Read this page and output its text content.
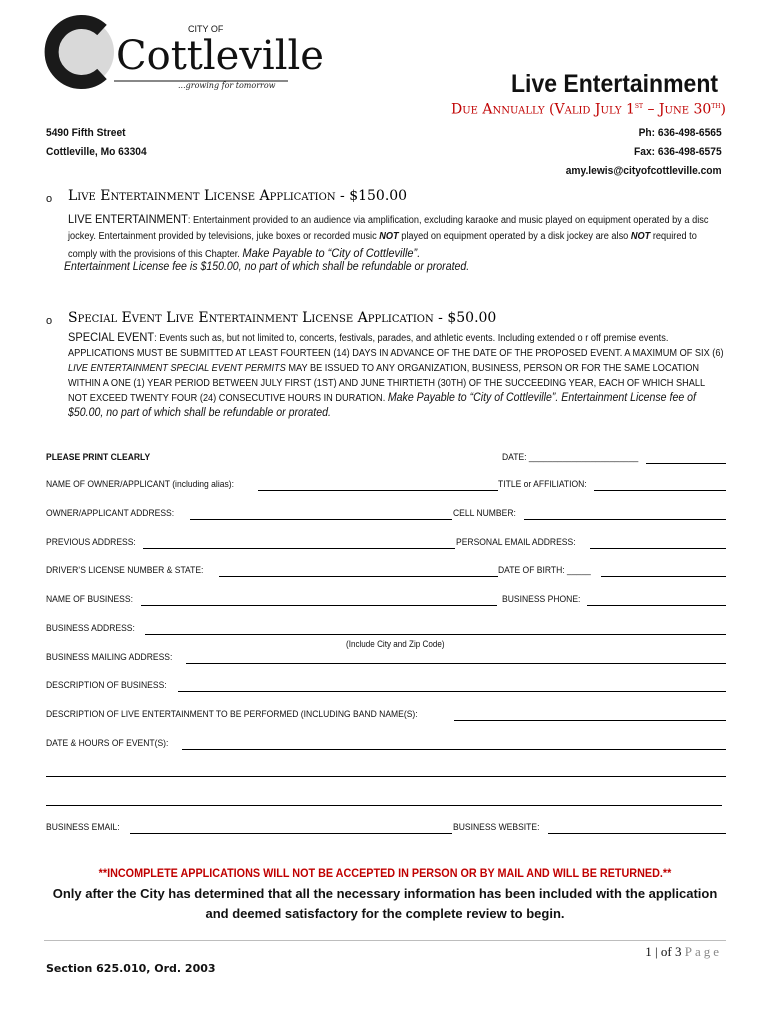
Cottleville
CITY OF
...growing for tomorrow	Live Entertainment
Due Annually (Valid July 1st – June 30th)
5490 Fifth Street
Cottleville, Mo 63304
Ph: 636-498-6565
Fax: 636-498-6575
amy.lewis@cityofcottleville.com
o Live Entertainment License Application - $150.00
LIVE ENTERTAINMENT: Entertainment provided to an audience via amplification, excluding karaoke and music played on equipment operated by a disc jockey. Entertainment provided by televisions, juke boxes or recorded music NOT played on equipment operated by a disk jockey are also NOT required to comply with the provisions of this Chapter. Make Payable to “City of Cottleville”.
Entertainment License fee is $150.00, no part of which shall be refundable or prorated.
o Special Event Live Entertainment License Application - $50.00
SPECIAL EVENT: Events such as, but not limited to, concerts, festivals, parades, and athletic events. Including extended o r off premise events. APPLICATIONS MUST BE SUBMITTED AT LEAST FOURTEEN (14) DAYS IN ADVANCE OF THE DATE OF THE PROPOSED EVENT. A MAXIMUM OF SIX (6) LIVE ENTERTAINMENT SPECIAL EVENT PERMITS MAY BE ISSUED TO ANY ORGANIZATION, BUSINESS, PERSON OR FOR THE SAME LOCATION WITHIN A ONE (1) YEAR PERIOD BETWEEN JULY FIRST (1ST) AND JUNE THIRTIETH (30TH) OF THE SUCCEEDING YEAR, EACH OF WHICH SHALL NOT EXCEED TWENTY FOUR (24) CONSECUTIVE HOURS IN DURATION. Make Payable to “City of Cottleville”. Entertainment License fee of $50.00, no part of which shall be refundable or prorated.
PLEASE PRINT CLEARLY	DATE: _______________________
NAME OF OWNER/APPLICANT (including alias):	TITLE or AFFILIATION:
OWNER/APPLICANT ADDRESS:	CELL NUMBER:
PREVIOUS ADDRESS:	PERSONAL EMAIL ADDRESS:
DRIVER’S LICENSE NUMBER & STATE:	DATE OF BIRTH: _____
NAME OF BUSINESS:	BUSINESS PHONE:
BUSINESS ADDRESS:
(Include City and Zip Code)
BUSINESS MAILING ADDRESS:
DESCRIPTION OF BUSINESS:
DESCRIPTION OF LIVE ENTERTAINMENT TO BE PERFORMED (INCLUDING BAND NAME(S):
DATE & HOURS OF EVENT(S):
BUSINESS EMAIL:	BUSINESS WEBSITE:
**INCOMPLETE APPLICATIONS WILL NOT BE ACCEPTED IN PERSON OR BY MAIL AND WILL BE RETURNED.**
Only after the City has determined that all the necessary information has been included with the application and deemed satisfactory for the complete review to begin.
1 | of 3 Page
Section 625.010, Ord. 2003
